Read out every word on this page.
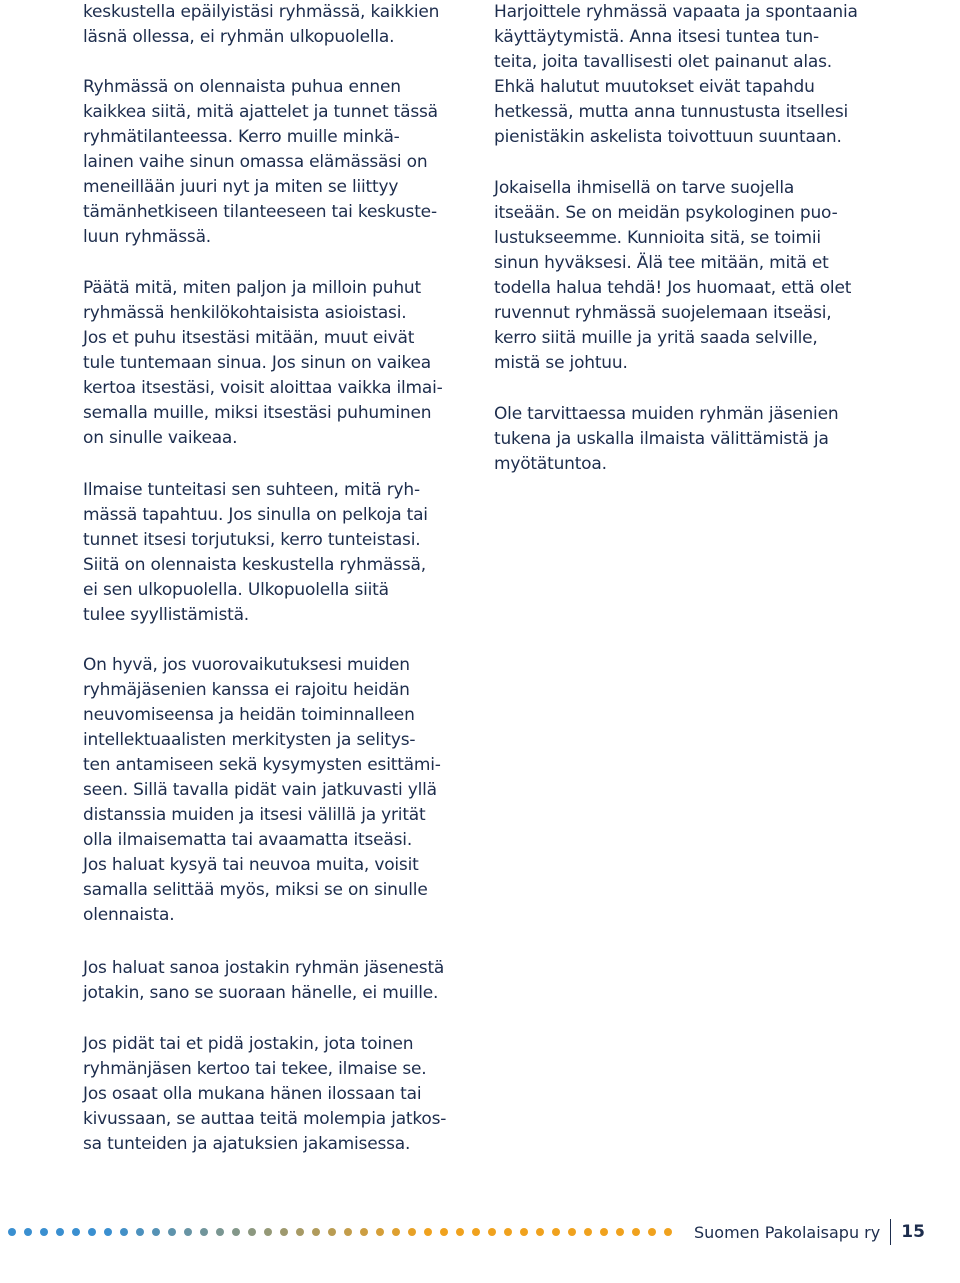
keskustella epäilyistäsi ryhmässä, kaikkien
läsnä ollessa, ei ryhmän ulkopuolella.

Ryhmässä on olennaista puhua ennen
kaikkea siitä, mitä ajattelet ja tunnet tässä
ryhmätilanteessa. Kerro muille minkä-
lainen vaihe sinun omassa elämässäsi on
meneillään juuri nyt ja miten se liittyy
tämänhetkiseen tilanteeseen tai keskuste-
luun ryhmässä.

Päätä mitä, miten paljon ja milloin puhut
ryhmässä henkilökohtaisista asioistasi.
Jos et puhu itsestäsi mitään, muut eivät
tule tuntemaan sinua. Jos sinun on vaikea
kertoa itsestäsi, voisit aloittaa vaikka ilmai-
semalla muille, miksi itsestäsi puhuminen
on sinulle vaikeaa.

Ilmaise tunteitasi sen suhteen, mitä ryh-
mässä tapahtuu. Jos sinulla on pelkoja tai
tunnet itsesi torjutuksi, kerro tunteistasi.
Siitä on olennaista keskustella ryhmässä,
ei sen ulkopuolella. Ulkopuolella siitä
tulee syyllistämistä.

On hyvä, jos vuorovaikutuksesi muiden
ryhmäjäsenien kanssa ei rajoitu heidän
neuvomiseensa ja heidän toiminnalleen
intellektuaalisten merkitysten ja selitys-
ten antamiseen sekä kysymysten esittämi-
seen. Sillä tavalla pidät vain jatkuvasti yllä
distanssia muiden ja itsesi välillä ja yrität
olla ilmaisematta tai avaamatta itseäsi.
Jos haluat kysyä tai neuvoa muita, voisit
samalla selittää myös, miksi se on sinulle
olennaista.

Jos haluat sanoa jostakin ryhmän jäsenestä
jotakin, sano se suoraan hänelle, ei muille.

Jos pidät tai et pidä jostakin, jota toinen
ryhmänjäsen kertoo tai tekee, ilmaise se.
Jos osaat olla mukana hänen ilossaan tai
kivussaan, se auttaa teitä molempia jatkos-
sa tunteiden ja ajatuksien jakamisessa.

Harjoittele ryhmässä vapaata ja spontaania
käyttäytymistä. Anna itsesi tuntea tun-
teita, joita tavallisesti olet painanut alas.
Ehkä halutut muutokset eivät tapahdu
hetkessä, mutta anna tunnustusta itsellesi
pienistäkin askelista toivottuun suuntaan.

Jokaisella ihmisellä on tarve suojella
itseään. Se on meidän psykologinen puo-
lustukseemme. Kunnioita sitä, se toimii
sinun hyväksesi. Älä tee mitään, mitä et
todella halua tehdä! Jos huomaat, että olet
ruvennut ryhmässä suojelemaan itseäsi,
kerro siitä muille ja yritä saada selville,
mistä se johtuu.

Ole tarvittaessa muiden ryhmän jäsenien
tukena ja uskalla ilmaista välittämistä ja
myötätuntoa.

Suomen Pakolaisapu ry 15
